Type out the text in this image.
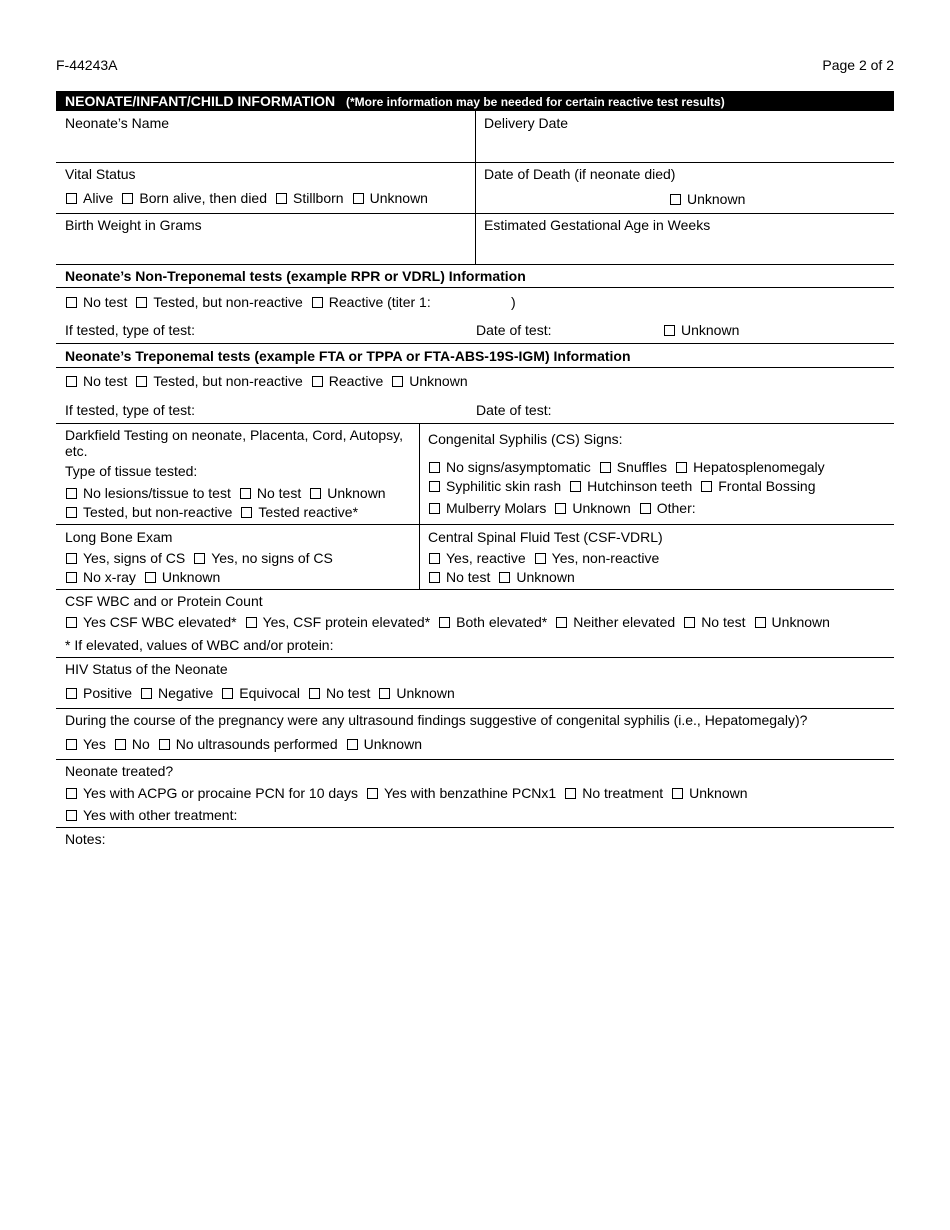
F-44243A	Page 2 of 2
NEONATE/INFANT/CHILD INFORMATION (*More information may be needed for certain reactive test results)
Neonate’s Name	Delivery Date
Vital Status
Alive Born alive, then died Stillborn Unknown
Date of Death (if neonate died)
Unknown
Birth Weight in Grams	Estimated Gestational Age in Weeks
Neonate’s Non-Treponemal tests (example RPR or VDRL) Information
No test Tested, but non-reactive Reactive (titer 1:	)
If tested, type of test:	Date of test:	Unknown
Neonate’s Treponemal tests (example FTA or TPPA or FTA-ABS-19S-IGM) Information
No test Tested, but non-reactive Reactive Unknown
If tested, type of test:	Date of test:
Darkfield Testing on neonate, Placenta, Cord, Autopsy,
etc.
Type of tissue tested:
No lesions/tissue to test No test Unknown
Tested, but non-reactive Tested reactive*
Congenital Syphilis (CS) Signs:
No signs/asymptomatic Snuffles Hepatosplenomegaly
Syphilitic skin rash Hutchinson teeth Frontal Bossing
Mulberry Molars Unknown Other:
Long Bone Exam
Yes, signs of CS Yes, no signs of CS
No x-ray Unknown
Central Spinal Fluid Test (CSF-VDRL)
Yes, reactive Yes, non-reactive
No test Unknown
CSF WBC and or Protein Count
Yes CSF WBC elevated* Yes, CSF protein elevated* Both elevated* Neither elevated No test Unknown
* If elevated, values of WBC and/or protein:
HIV Status of the Neonate
Positive Negative Equivocal No test Unknown
During the course of the pregnancy were any ultrasound findings suggestive of congenital syphilis (i.e., Hepatomegaly)?
Yes No No ultrasounds performed Unknown
Neonate treated?
Yes with ACPG or procaine PCN for 10 days Yes with benzathine PCNx1 No treatment Unknown
Yes with other treatment:
Notes:
